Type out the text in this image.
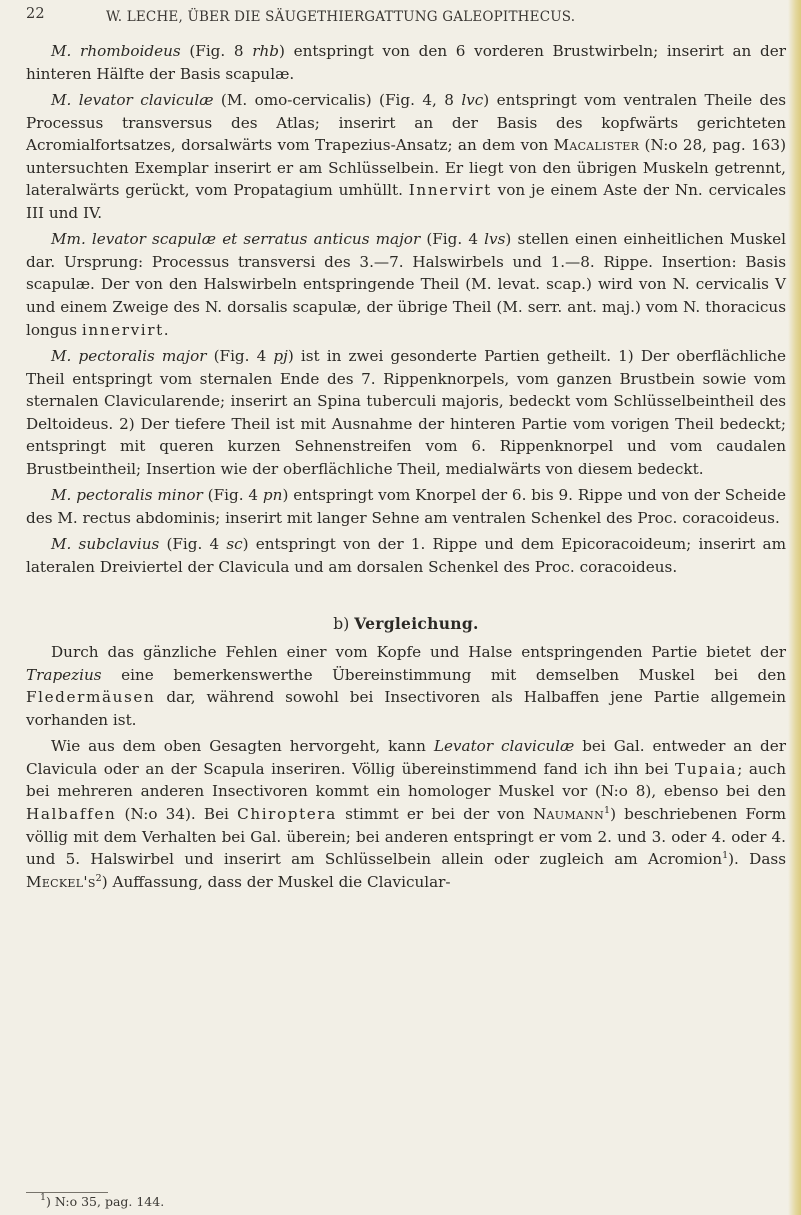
22	W. LECHE, ÜBER DIE SÄUGETHIERGATTUNG GALEOPITHECUS.

M. rhomboideus (Fig. 8 rhb) entspringt von den 6 vorderen Brustwirbeln; inserirt an der hinteren Hälfte der Basis scapulæ.

M. levator claviculæ (M. omo-cervicalis) (Fig. 4, 8 lvc) entspringt vom ventralen Theile des Processus transversus des Atlas; inserirt an der Basis des kopfwärts gerichteten Acromialfortsatzes, dorsalwärts vom Trapezius-Ansatz; an dem von Macalister (N:o 28, pag. 163) untersuchten Exemplar inserirt er am Schlüsselbein. Er liegt von den übrigen Muskeln getrennt, lateralwärts gerückt, vom Propatagium umhüllt. Innervirt von je einem Aste der Nn. cervicales III und IV.

Mm. levator scapulæ et serratus anticus major (Fig. 4 lvs) stellen einen einheitlichen Muskel dar. Ursprung: Processus transversi des 3.—7. Halswirbels und 1.—8. Rippe. Insertion: Basis scapulæ. Der von den Halswirbeln entspringende Theil (M. levat. scap.) wird von N. cervicalis V und einem Zweige des N. dorsalis scapulæ, der übrige Theil (M. serr. ant. maj.) vom N. thoracicus longus innervirt.

M. pectoralis major (Fig. 4 pj) ist in zwei gesonderte Partien getheilt. 1) Der oberflächliche Theil entspringt vom sternalen Ende des 7. Rippenknorpels, vom ganzen Brustbein sowie vom sternalen Clavicularende; inserirt an Spina tuberculi majoris, bedeckt vom Schlüsselbeintheil des Deltoideus. 2) Der tiefere Theil ist mit Ausnahme der hinteren Partie vom vorigen Theil bedeckt; entspringt mit queren kurzen Sehnenstreifen vom 6. Rippenknorpel und vom caudalen Brustbeintheil; Insertion wie der oberflächliche Theil, medialwärts von diesem bedeckt.

M. pectoralis minor (Fig. 4 pn) entspringt vom Knorpel der 6. bis 9. Rippe und von der Scheide des M. rectus abdominis; inserirt mit langer Sehne am ventralen Schenkel des Proc. coracoideus.

M. subclavius (Fig. 4 sc) entspringt von der 1. Rippe und dem Epicoracoideum; inserirt am lateralen Dreiviertel der Clavicula und am dorsalen Schenkel des Proc. coracoideus.

b) Vergleichung.

Durch das gänzliche Fehlen einer vom Kopfe und Halse entspringenden Partie bietet der Trapezius eine bemerkenswerthe Übereinstimmung mit demselben Muskel bei den Fledermäusen dar, während sowohl bei Insectivoren als Halbaffen jene Partie allgemein vorhanden ist.

Wie aus dem oben Gesagten hervorgeht, kann Levator claviculæ bei Gal. entweder an der Clavicula oder an der Scapula inseriren. Völlig übereinstimmend fand ich ihn bei Tupaia; auch bei mehreren anderen Insectivoren kommt ein homologer Muskel vor (N:o 8), ebenso bei den Halbaffen (N:o 34). Bei Chiroptera stimmt er bei der von Naumann$^1$) beschriebenen Form völlig mit dem Verhalten bei Gal. überein; bei anderen entspringt er vom 2. und 3. oder 4. oder 4. und 5. Halswirbel und inserirt am Schlüsselbein allein oder zugleich am Acromion$^1$). Dass $Meckel's^2$) Auffassung, dass der Muskel die Clavicular-

$^1$) N:o 35, pag. 144.
